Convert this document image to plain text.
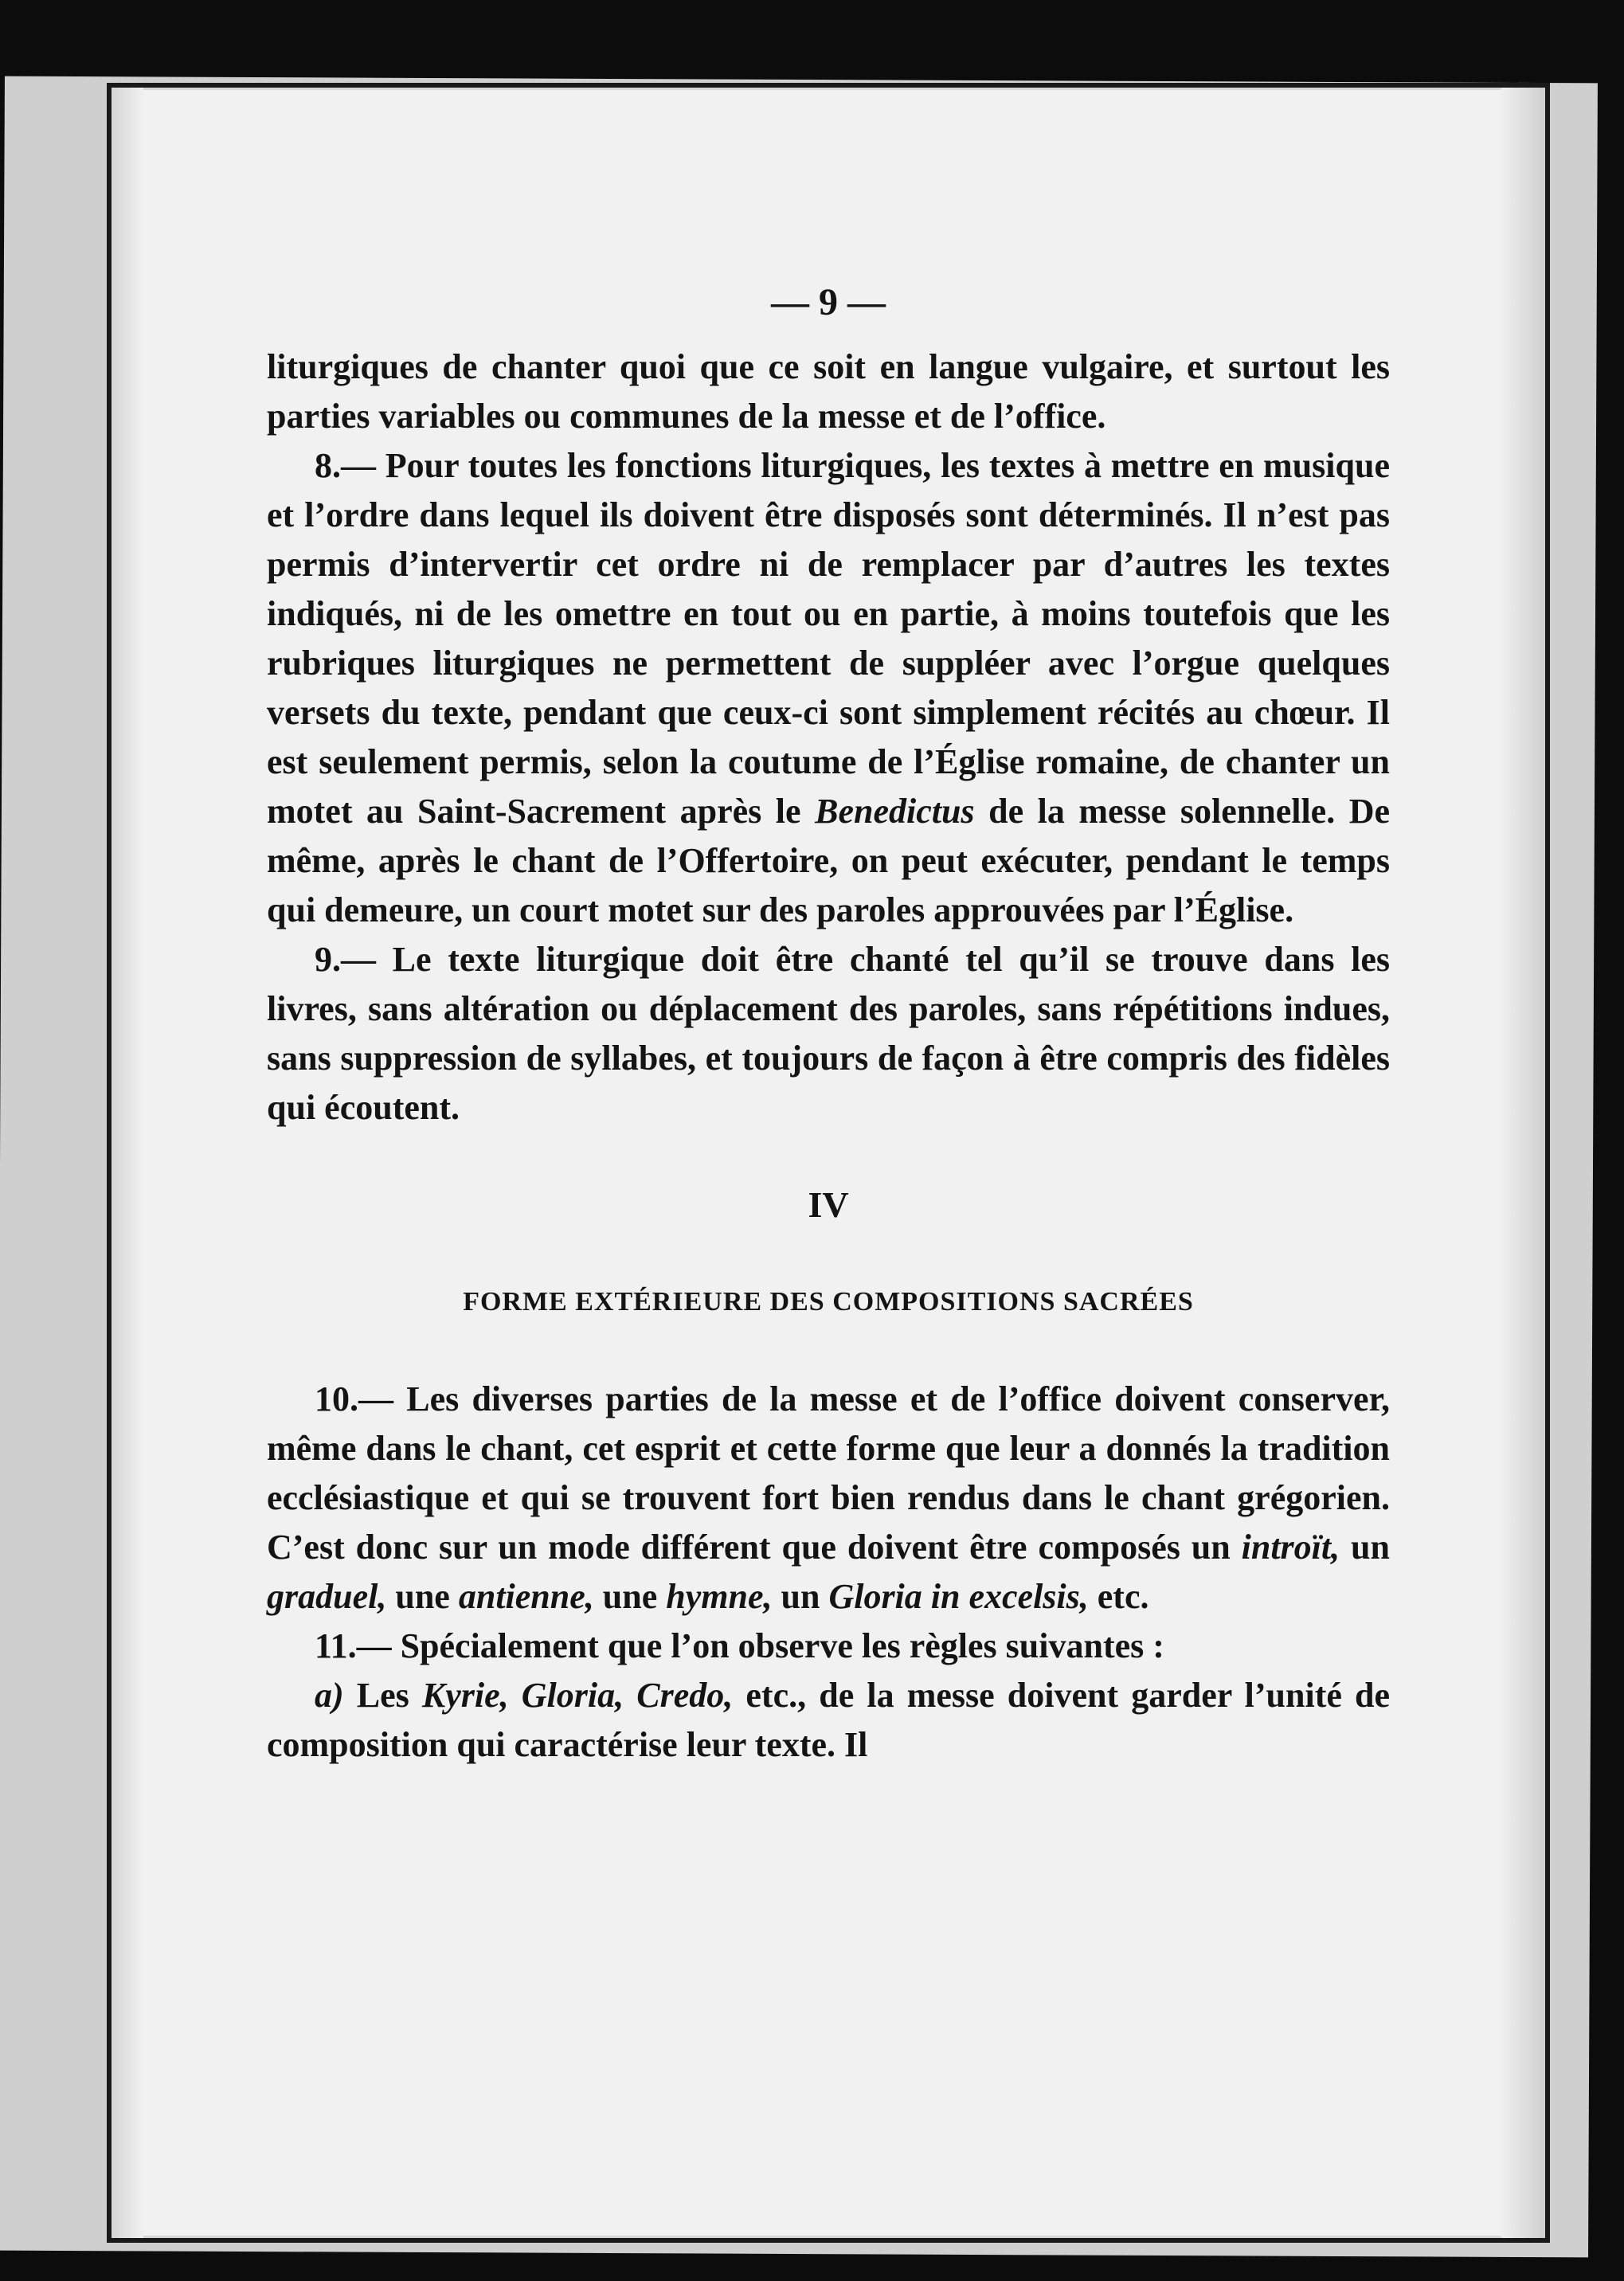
— 9 —

liturgiques de chanter quoi que ce soit en langue vulgaire, et surtout les parties variables ou communes de la messe et de l’office.

8.— Pour toutes les fonctions liturgiques, les textes à mettre en musique et l’ordre dans lequel ils doivent être disposés sont déterminés. Il n’est pas permis d’intervertir cet ordre ni de remplacer par d’autres les textes indiqués, ni de les omettre en tout ou en partie, à moins toutefois que les rubriques liturgiques ne permettent de suppléer avec l’orgue quelques versets du texte, pendant que ceux-ci sont simplement récités au chœur. Il est seulement permis, selon la coutume de l’Église romaine, de chanter un motet au Saint-Sacrement après le Benedictus de la messe solennelle. De même, après le chant de l’Offertoire, on peut exécuter, pendant le temps qui demeure, un court motet sur des paroles approuvées par l’Église.

9.— Le texte liturgique doit être chanté tel qu’il se trouve dans les livres, sans altération ou déplacement des paroles, sans répétitions indues, sans suppression de syllabes, et toujours de façon à être compris des fidèles qui écoutent.

IV
FORME EXTÉRIEURE DES COMPOSITIONS SACRÉES

10.— Les diverses parties de la messe et de l’office doivent conserver, même dans le chant, cet esprit et cette forme que leur a donnés la tradition ecclésiastique et qui se trouvent fort bien rendus dans le chant grégorien. C’est donc sur un mode différent que doivent être composés un introït, un graduel, une antienne, une hymne, un Gloria in excelsis, etc.

11.— Spécialement que l’on observe les règles suivantes :

a) Les Kyrie, Gloria, Credo, etc., de la messe doivent garder l’unité de composition qui caractérise leur texte. Il
